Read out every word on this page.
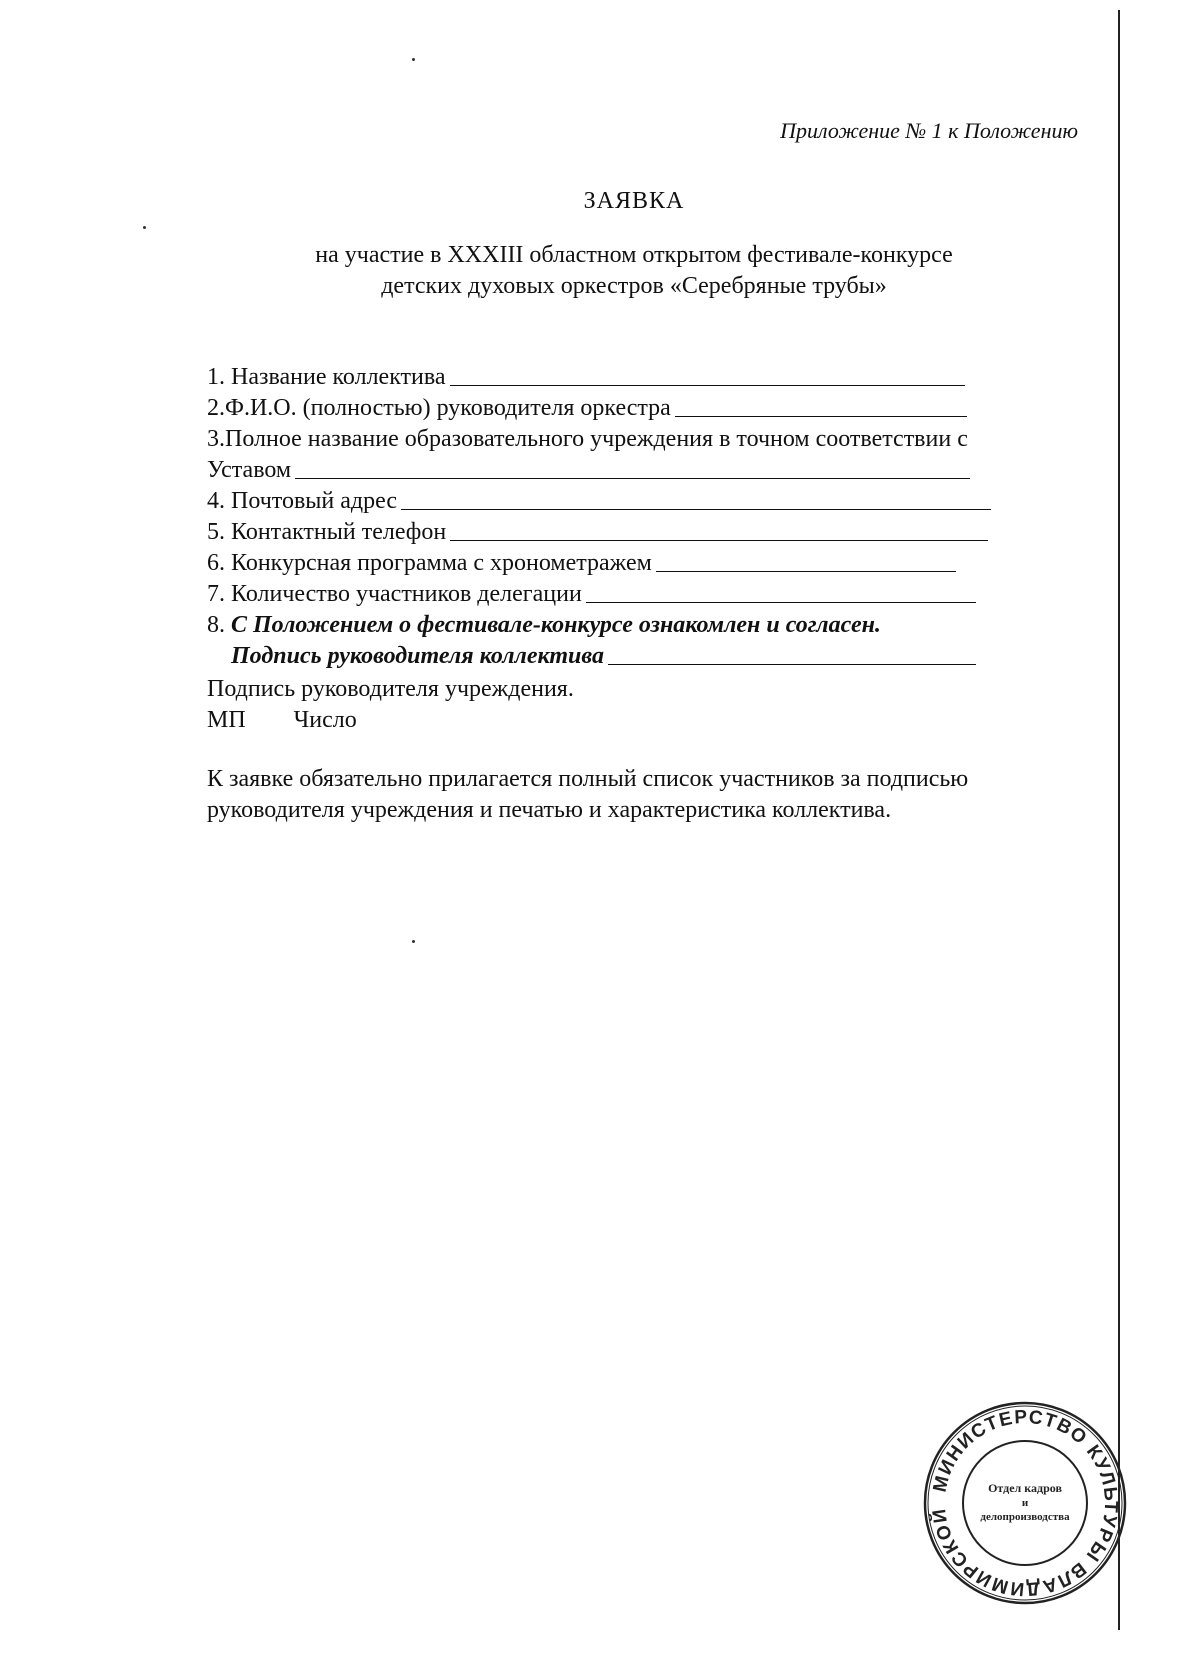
Приложение № 1 к Положению
ЗАЯВКА
на участие в XXXIII областном открытом фестивале-конкурсе
детских духовых оркестров «Серебряные трубы»
1. Название коллектива
2.Ф.И.О. (полностью) руководителя оркестра
3.Полное название образовательного учреждения в точном соответствии с
Уставом
4. Почтовый адрес
5. Контактный телефон
6. Конкурсная программа с хронометражем
7. Количество участников делегации
8. С Положением о фестивале-конкурсе ознакомлен и согласен.
Подпись руководителя коллектива
Подпись руководителя учреждения.
МП Число
К заявке обязательно прилагается полный список участников за подписью
руководителя учреждения и печатью и характеристика коллектива.
МИНИСТЕРСТВО КУЛЬТУРЫ ВЛАДИМИРСКОЙ
Отдел кадров
и
делопроизводства
